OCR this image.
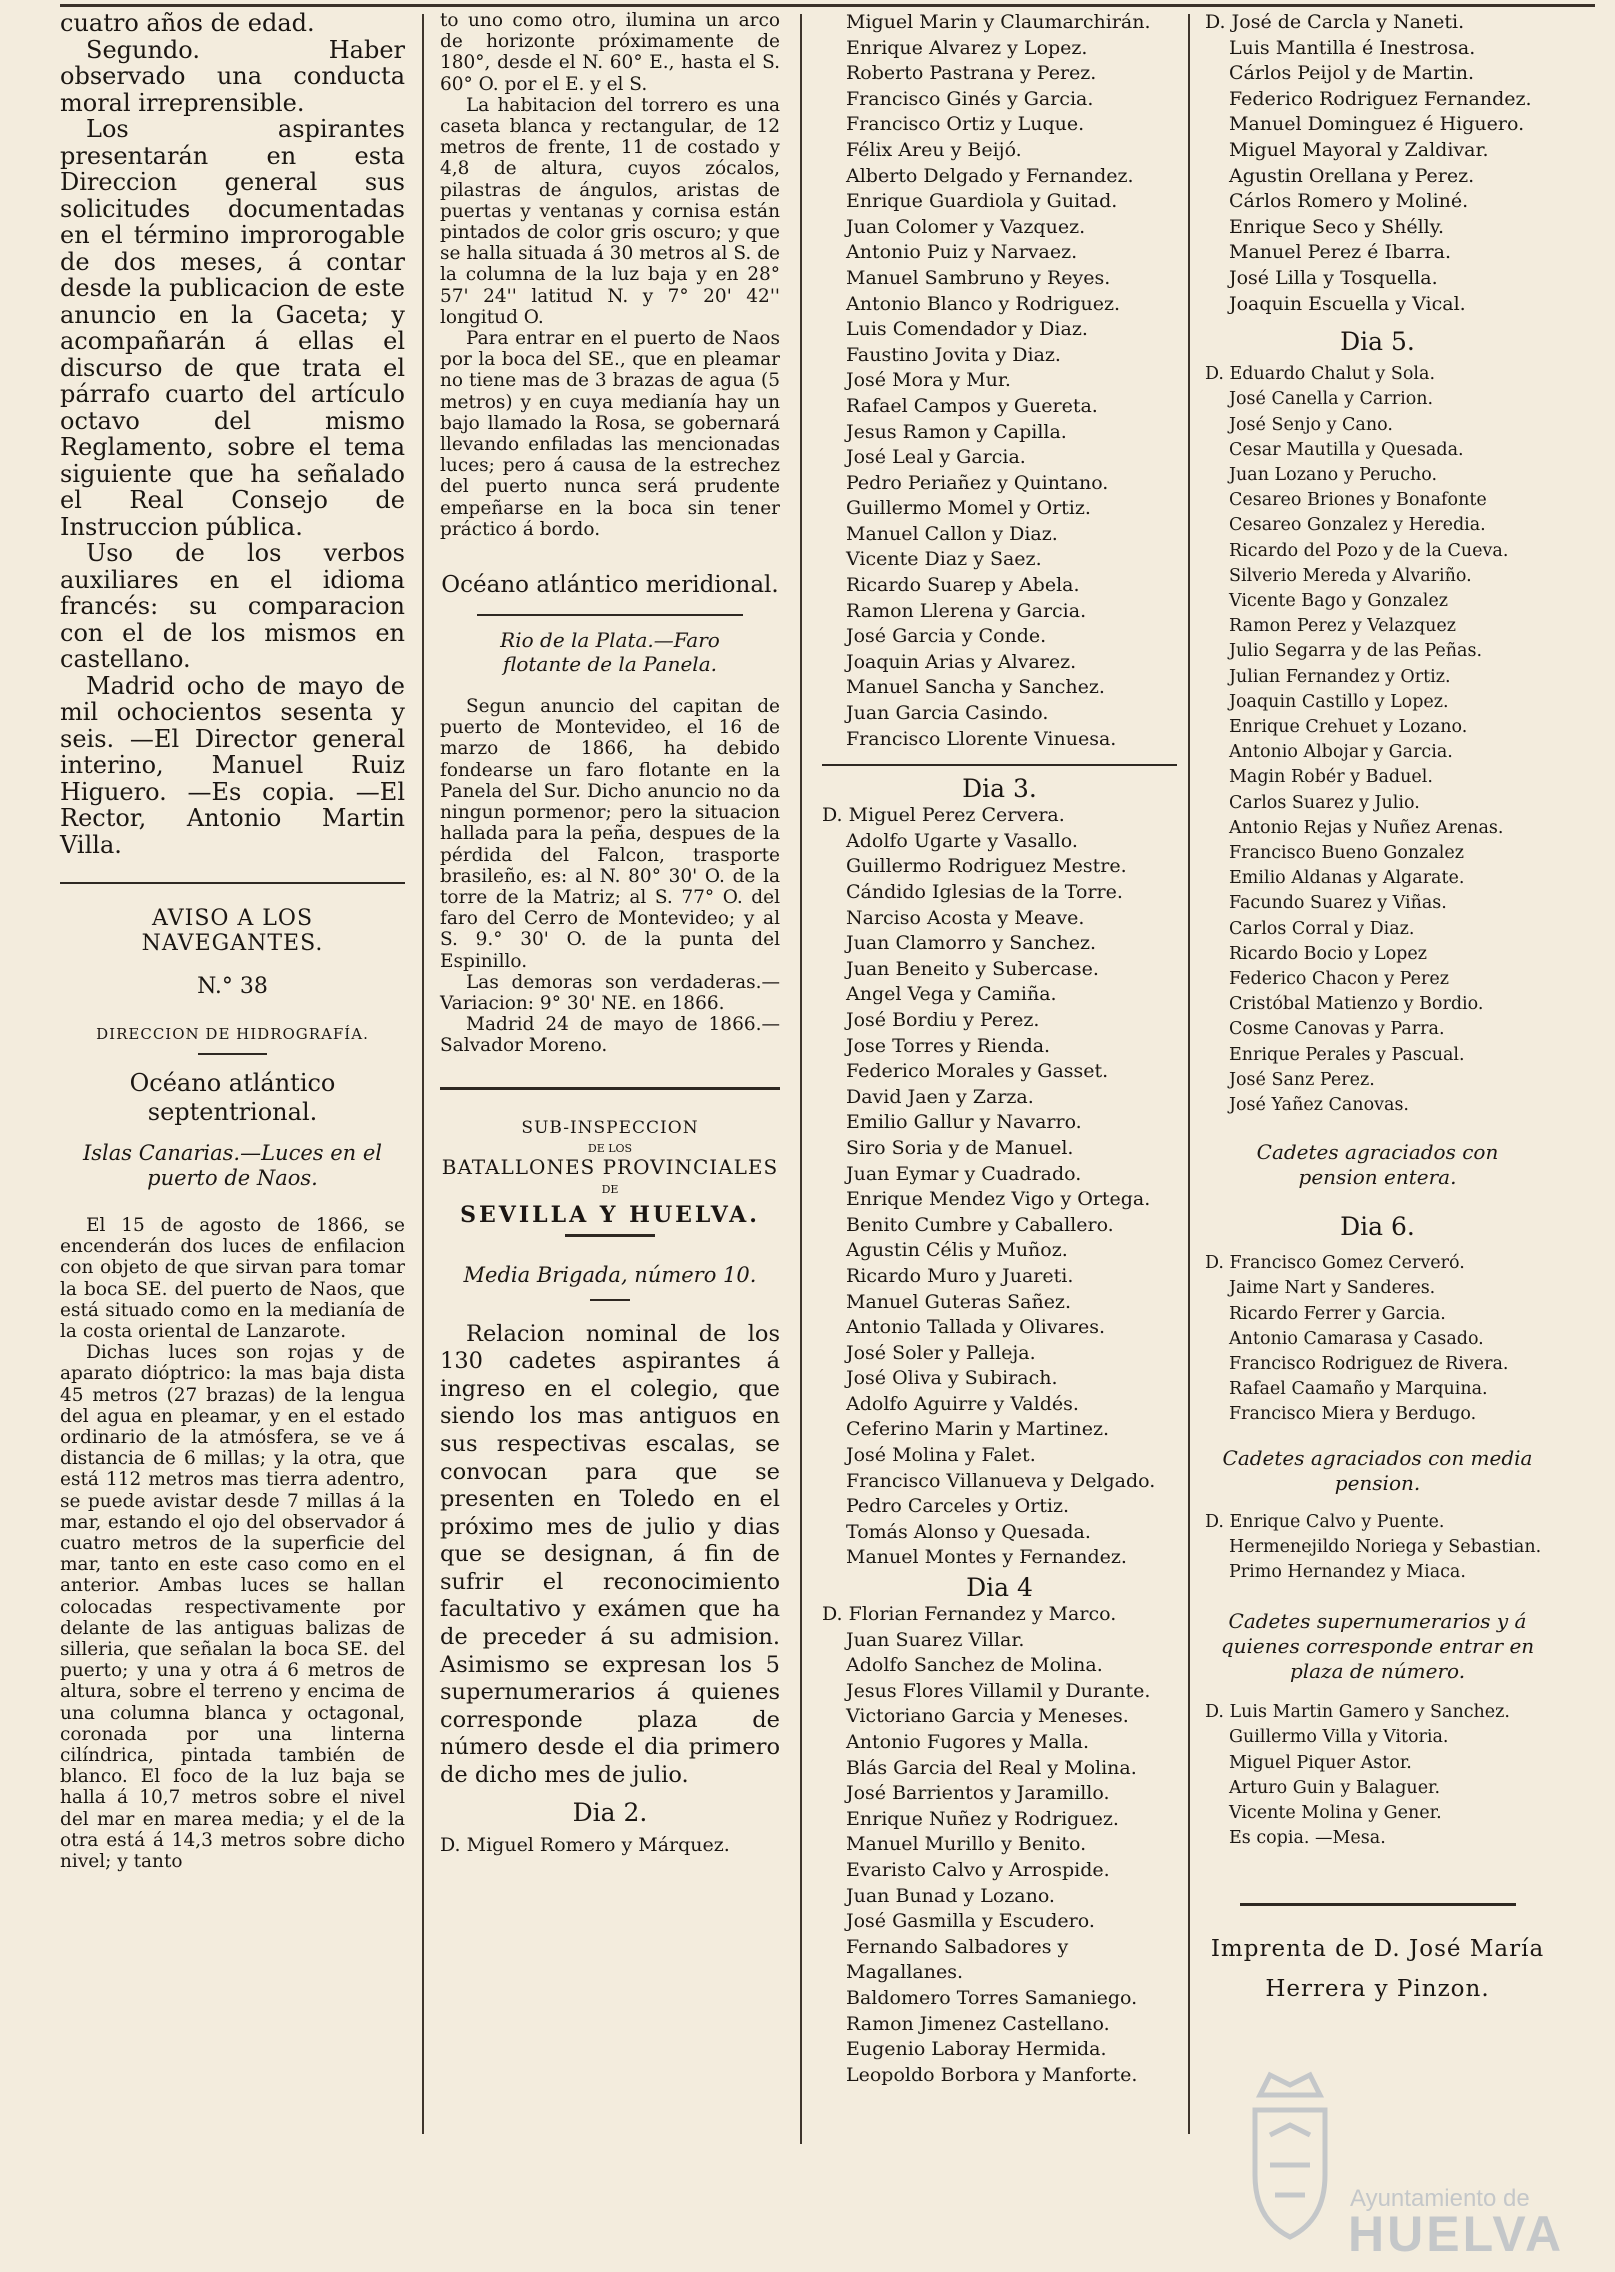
cuatro años de edad.

Segundo. Haber observado una conducta moral irreprensible.

Los aspirantes presentarán en esta Direccion general sus solicitudes documentadas en el término improrogable de dos meses, á contar desde la publicacion de este anuncio en la Gaceta; y acompañarán á ellas el discurso de que trata el párrafo cuarto del artículo octavo del mismo Reglamento, sobre el tema siguiente que ha señalado el Real Consejo de Instruccion pública.

Uso de los verbos auxiliares en el idioma francés: su comparacion con el de los mismos en castellano.

Madrid ocho de mayo de mil ochocientos sesenta y seis. —El Director general interino, Manuel Ruiz Higuero. —Es copia. —El Rector, Antonio Martin Villa.

AVISO A LOS NAVEGANTES.

N.° 38

DIRECCION DE HIDROGRAFÍA.

Océano atlántico septentrional.

Islas Canarias.—Luces en el puerto de Naos.

El 15 de agosto de 1866, se encenderán dos luces de enfilacion con objeto de que sirvan para tomar la boca SE. del puerto de Naos, que está situado como en la medianía de la costa oriental de Lanzarote.

Dichas luces son rojas y de aparato dióptrico: la mas baja dista 45 metros (27 brazas) de la lengua del agua en pleamar, y en el estado ordinario de la atmósfera, se ve á distancia de 6 millas; y la otra, que está 112 metros mas tierra adentro, se puede avistar desde 7 millas á la mar, estando el ojo del observador á cuatro metros de la superficie del mar, tanto en este caso como en el anterior. Ambas luces se hallan colocadas respectivamente por delante de las antiguas balizas de silleria, que señalan la boca SE. del puerto; y una y otra á 6 metros de altura, sobre el terreno y encima de una columna blanca y octagonal, coronada por una linterna cilíndrica, pintada también de blanco. El foco de la luz baja se halla á 10,7 metros sobre el nivel del mar en marea media; y el de la otra está á 14,3 metros sobre dicho nivel; y tanto

to uno como otro, ilumina un arco de horizonte próximamente de 180°, desde el N. 60° E., hasta el S. 60° O. por el E. y el S.

La habitacion del torrero es una caseta blanca y rectangular, de 12 metros de frente, 11 de costado y 4,8 de altura, cuyos zócalos, pilastras de ángulos, aristas de puertas y ventanas y cornisa están pintados de color gris oscuro; y que se halla situada á 30 metros al S. de la columna de la luz baja y en 28° 57' 24'' latitud N. y 7° 20' 42'' longitud O.

Para entrar en el puerto de Naos por la boca del SE., que en pleamar no tiene mas de 3 brazas de agua (5 metros) y en cuya medianía hay un bajo llamado la Rosa, se gobernará llevando enfiladas las mencionadas luces; pero á causa de la estrechez del puerto nunca será prudente empeñarse en la boca sin tener práctico á bordo.

Océano atlántico meridional.

Rio de la Plata.—Faro flotante de la Panela.

Segun anuncio del capitan de puerto de Montevideo, el 16 de marzo de 1866, ha debido fondearse un faro flotante en la Panela del Sur. Dicho anuncio no da ningun pormenor; pero la situacion hallada para la peña, despues de la pérdida del Falcon, trasporte brasileño, es: al N. 80° 30' O. de la torre de la Matriz; al S. 77° O. del faro del Cerro de Montevideo; y al S. 9.° 30' O. de la punta del Espinillo.

Las demoras son verdaderas.—Variacion: 9° 30' NE. en 1866.

Madrid 24 de mayo de 1866.—Salvador Moreno.

SUB-INSPECCION

DE LOS

BATALLONES PROVINCIALES

DE

SEVILLA Y HUELVA.

Media Brigada, número 10.

Relacion nominal de los 130 cadetes aspirantes á ingreso en el colegio, que siendo los mas antiguos en sus respectivas escalas, se convocan para que se presenten en Toledo en el próximo mes de julio y dias que se designan, á fin de sufrir el reconocimiento facultativo y exámen que ha de preceder á su admision. Asimismo se expresan los 5 supernumerarios á quienes corresponde plaza de número desde el dia primero de dicho mes de julio.

Dia 2.

D. Miguel Romero y Márquez.

Miguel Marin y Claumarchirán.

Enrique Alvarez y Lopez.

Roberto Pastrana y Perez.

Francisco Ginés y Garcia.

Francisco Ortiz y Luque.

Félix Areu y Beijó.

Alberto Delgado y Fernandez.

Enrique Guardiola y Guitad.

Juan Colomer y Vazquez.

Antonio Puiz y Narvaez.

Manuel Sambruno y Reyes.

Antonio Blanco y Rodriguez.

Luis Comendador y Diaz.

Faustino Jovita y Diaz.

José Mora y Mur.

Rafael Campos y Guereta.

Jesus Ramon y Capilla.

José Leal y Garcia.

Pedro Periañez y Quintano.

Guillermo Momel y Ortiz.

Manuel Callon y Diaz.

Vicente Diaz y Saez.

Ricardo Suarep y Abela.

Ramon Llerena y Garcia.

José Garcia y Conde.

Joaquin Arias y Alvarez.

Manuel Sancha y Sanchez.

Juan Garcia Casindo.

Francisco Llorente Vinuesa.

Dia 3.

D. Miguel Perez Cervera.

Adolfo Ugarte y Vasallo.

Guillermo Rodriguez Mestre.

Cándido Iglesias de la Torre.

Narciso Acosta y Meave.

Juan Clamorro y Sanchez.

Juan Beneito y Subercase.

Angel Vega y Camiña.

José Bordiu y Perez.

Jose Torres y Rienda.

Federico Morales y Gasset.

David Jaen y Zarza.

Emilio Gallur y Navarro.

Siro Soria y de Manuel.

Juan Eymar y Cuadrado.

Enrique Mendez Vigo y Ortega.

Benito Cumbre y Caballero.

Agustin Célis y Muñoz.

Ricardo Muro y Juareti.

Manuel Guteras Sañez.

Antonio Tallada y Olivares.

José Soler y Palleja.

José Oliva y Subirach.

Adolfo Aguirre y Valdés.

Ceferino Marin y Martinez.

José Molina y Falet.

Francisco Villanueva y Delgado.

Pedro Carceles y Ortiz.

Tomás Alonso y Quesada.

Manuel Montes y Fernandez.

Dia 4

D. Florian Fernandez y Marco.

Juan Suarez Villar.

Adolfo Sanchez de Molina.

Jesus Flores Villamil y Durante.

Victoriano Garcia y Meneses.

Antonio Fugores y Malla.

Blás Garcia del Real y Molina.

José Barrientos y Jaramillo.

Enrique Nuñez y Rodriguez.

Manuel Murillo y Benito.

Evaristo Calvo y Arrospide.

Juan Bunad y Lozano.

José Gasmilla y Escudero.

Fernando Salbadores y Magallanes.

Baldomero Torres Samaniego.

Ramon Jimenez Castellano.

Eugenio Laboray Hermida.

Leopoldo Borbora y Manforte.

D. José de Carcla y Naneti.

Luis Mantilla é Inestrosa.

Cárlos Peijol y de Martin.

Federico Rodriguez Fernandez.

Manuel Dominguez é Higuero.

Miguel Mayoral y Zaldivar.

Agustin Orellana y Perez.

Cárlos Romero y Moliné.

Enrique Seco y Shélly.

Manuel Perez é Ibarra.

José Lilla y Tosquella.

Joaquin Escuella y Vical.

Dia 5.

D. Eduardo Chalut y Sola.

José Canella y Carrion.

José Senjo y Cano.

Cesar Mautilla y Quesada.

Juan Lozano y Perucho.

Cesareo Briones y Bonafonte

Cesareo Gonzalez y Heredia.

Ricardo del Pozo y de la Cueva.

Silverio Mereda y Alvariño.

Vicente Bago y Gonzalez

Ramon Perez y Velazquez

Julio Segarra y de las Peñas.

Julian Fernandez y Ortiz.

Joaquin Castillo y Lopez.

Enrique Crehuet y Lozano.

Antonio Albojar y Garcia.

Magin Robér y Baduel.

Carlos Suarez y Julio.

Antonio Rejas y Nuñez Arenas.

Francisco Bueno Gonzalez

Emilio Aldanas y Algarate.

Facundo Suarez y Viñas.

Carlos Corral y Diaz.

Ricardo Bocio y Lopez

Federico Chacon y Perez

Cristóbal Matienzo y Bordio.

Cosme Canovas y Parra.

Enrique Perales y Pascual.

José Sanz Perez.

José Yañez Canovas.

Cadetes agraciados con pension entera.

Dia 6.

D. Francisco Gomez Cerveró.

Jaime Nart y Sanderes.

Ricardo Ferrer y Garcia.

Antonio Camarasa y Casado.

Francisco Rodriguez de Rivera.

Rafael Caamaño y Marquina.

Francisco Miera y Berdugo.

Cadetes agraciados con media pension.

D. Enrique Calvo y Puente.

Hermenejildo Noriega y Sebastian.

Primo Hernandez y Miaca.

Cadetes supernumerarios y á quienes corresponde entrar en plaza de número.

D. Luis Martin Gamero y Sanchez.

Guillermo Villa y Vitoria.

Miguel Piquer Astor.

Arturo Guin y Balaguer.

Vicente Molina y Gener.

Es copia. —Mesa.

Imprenta de D. José María

Herrera y Pinzon.

Ayuntamiento de
HUELVA
